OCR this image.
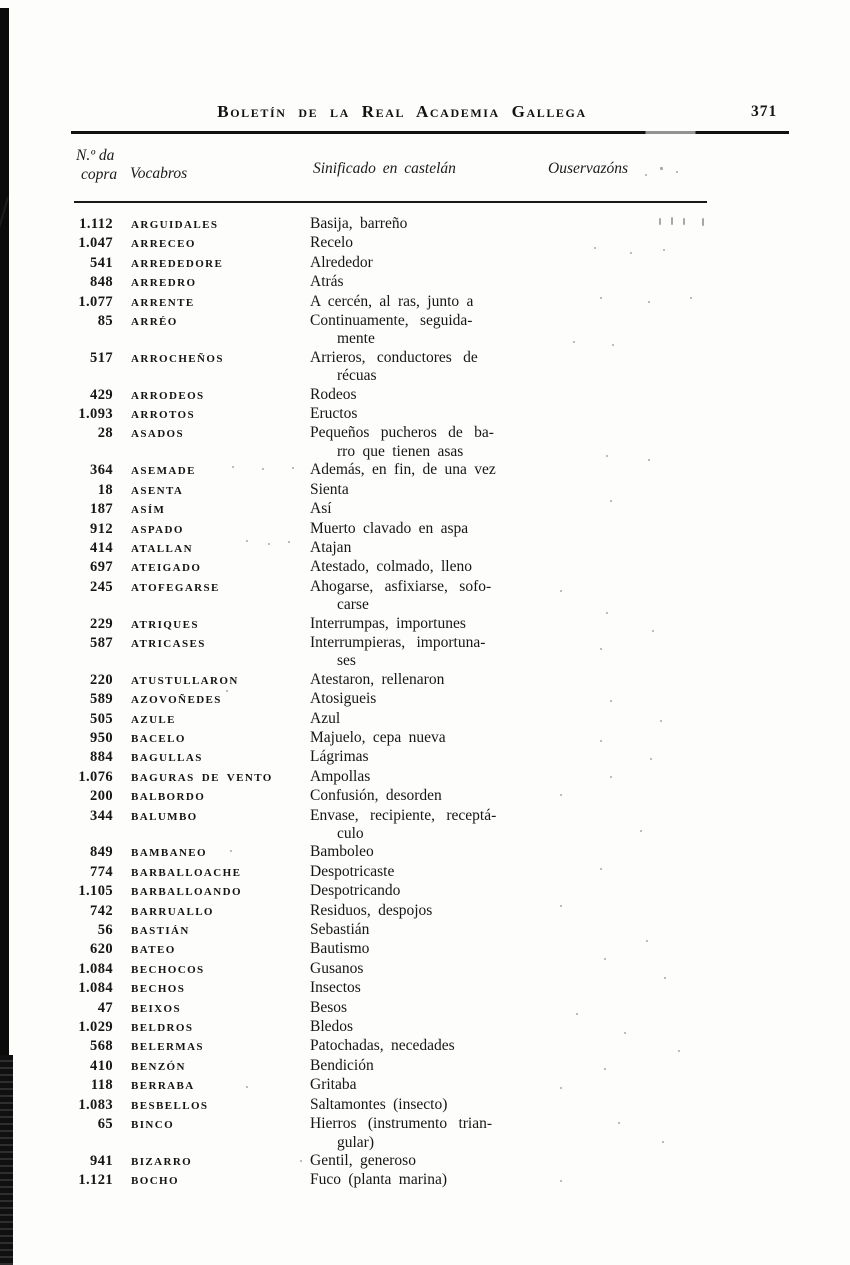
Boletín de la Real Academia Gallega	371
N.º da
copra Vocabros	Sinificado en castelán	Ouservazóns
1.112 ARGUIDALES	Basija, barreño
1.047 ARRECEO	Recelo
541 ARREDEDORE	Alrededor
848 ARREDRO	Atrás
1.077 ARRENTE	A cercén, al ras, junto a
85 ARRÉO	Continuamente, seguida-
mente
517 ARROCHEÑOS	Arrieros, conductores de
récuas
429 ARRODEOS	Rodeos
1.093 ARROTOS	Eructos
28 ASADOS	Pequeños pucheros de ba-
rro que tienen asas
364 ASEMADE	Además, en fin, de una vez
18 ASENTA	Sienta
187 ASÍM	Así
912 ASPADO	Muerto clavado en aspa
414 ATALLAN	Atajan
697 ATEIGADO	Atestado, colmado, lleno
245 ATOFEGARSE	Ahogarse, asfixiarse, sofo-
carse
229 ATRIQUES	Interrumpas, importunes
587 ATRICASES	Interrumpieras, importuna-
ses
220 ATUSTULLARON	Atestaron, rellenaron
589 AZOVOÑEDES	Atosigueis
505 AZULE	Azul
950 BACELO	Majuelo, cepa nueva
884 BAGULLAS	Lágrimas
1.076 BAGURAS DE VENTO	Ampollas
200 BALBORDO	Confusión, desorden
344 BALUMBO	Envase, recipiente, receptá-
culo
849 BAMBANEO	Bamboleo
774 BARBALLOACHE	Despotricaste
1.105 BARBALLOANDO	Despotricando
742 BARRUALLO	Residuos, despojos
56 BASTIÁN	Sebastián
620 BATEO	Bautismo
1.084 BECHOCOS	Gusanos
1.084 BECHOS	Insectos
47 BEIXOS	Besos
1.029 BELDROS	Bledos
568 BELERMAS	Patochadas, necedades
410 BENZÓN	Bendición
118 BERRABA	Gritaba
1.083 BESBELLOS	Saltamontes (insecto)
65 BINCO	Hierros (instrumento trian-
gular)
941 BIZARRO	Gentil, generoso
1.121 BOCHO	Fuco (planta marina)
